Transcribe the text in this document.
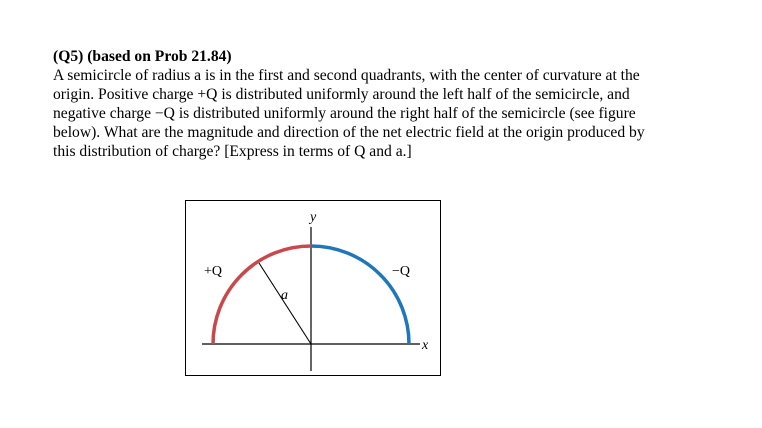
(Q5) (based on Prob 21.84)
A semicircle of radius a is in the first and second quadrants, with the center of curvature at the
origin. Positive charge +Q is distributed uniformly around the left half of the semicircle, and
negative charge −Q is distributed uniformly around the right half of the semicircle (see figure
below). What are the magnitude and direction of the net electric field at the origin produced by
this distribution of charge? [Express in terms of Q and a.]
y
x
a
+Q	−Q
